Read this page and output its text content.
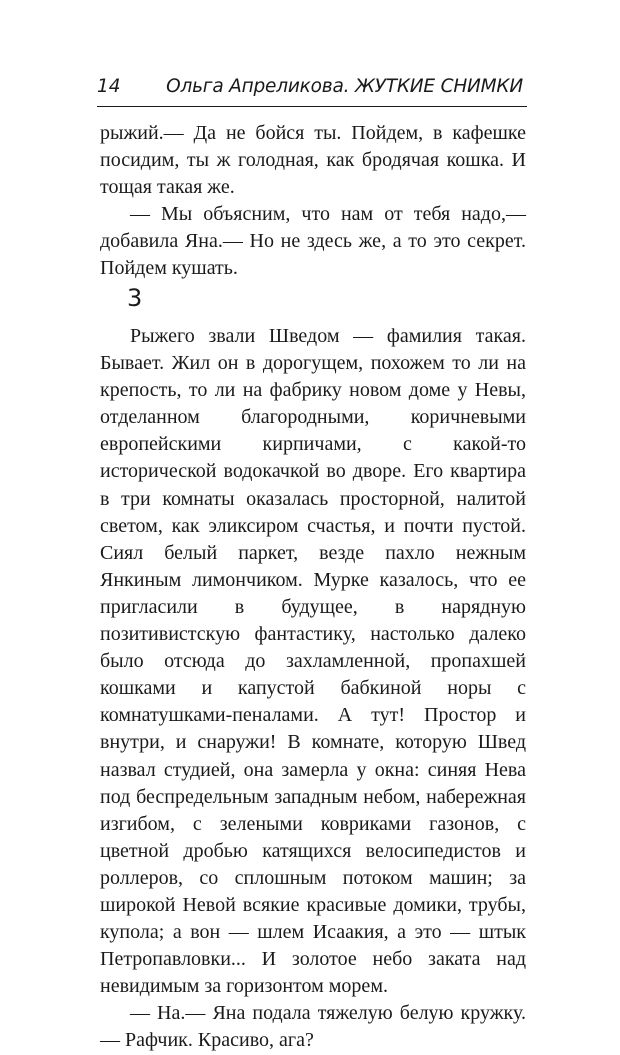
14 Ольга Апреликова. ЖУТКИЕ СНИМКИ

рыжий.— Да не бойся ты. Пойдем, в кафешке посидим, ты ж голодная, как бродячая кошка. И тощая такая же.

— Мы объясним, что нам от тебя надо,— добавила Яна.— Но не здесь же, а то это секрет. Пойдем кушать.

3

Рыжего звали Шведом — фамилия такая. Бывает. Жил он в дорогущем, похожем то ли на крепость, то ли на фабрику новом доме у Невы, отделанном благородными, коричневыми европейскими кирпичами, с какой-то исторической водокачкой во дворе. Его квартира в три комнаты оказалась просторной, налитой светом, как эликсиром счастья, и почти пустой. Сиял белый паркет, везде пахло нежным Янкиным лимончиком. Мурке казалось, что ее пригласили в будущее, в нарядную позитивистскую фантастику, настолько далеко было отсюда до захламленной, пропахшей кошками и капустой бабкиной норы с комнатушками-пеналами. А тут! Простор и внутри, и снаружи! В комнате, которую Швед назвал студией, она замерла у окна: синяя Нева под беспредельным западным небом, набережная изгибом, с зелеными ковриками газонов, с цветной дробью катящихся велосипедистов и роллеров, со сплошным потоком машин; за широкой Невой всякие красивые домики, трубы, купола; а вон — шлем Исаакия, а это — штык Петропавловки... И золотое небо заката над невидимым за горизонтом морем.

— На.— Яна подала тяжелую белую кружку.— Рафчик. Красиво, ага?
